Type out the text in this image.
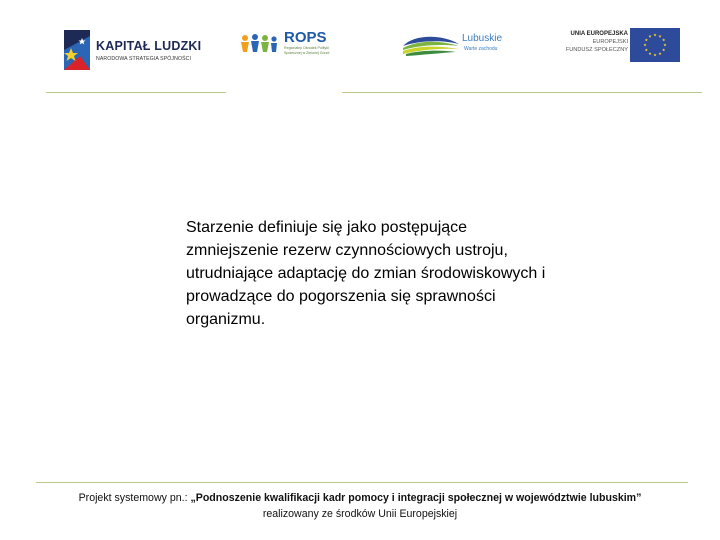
KAPITAŁ LUDZKI
NARODOWA STRATEGIA SPÓJNOŚCI
ROPS
Regionalny Ośrodek Polityki Społecznej w Zielonej Górze
Lubuskie
Warte zachodu
UNIA EUROPEJSKA
EUROPEJSKI
FUNDUSZ SPOŁECZNY

Starzenie definiuje się jako postępujące zmniejszenie rezerw czynnościowych ustroju, utrudniające adaptację do zmian środowiskowych i prowadzące do pogorszenia się sprawności organizmu.

Projekt systemowy pn.: „Podnoszenie kwalifikacji kadr pomocy i integracji społecznej w województwie lubuskim”
realizowany ze środków Unii Europejskiej
